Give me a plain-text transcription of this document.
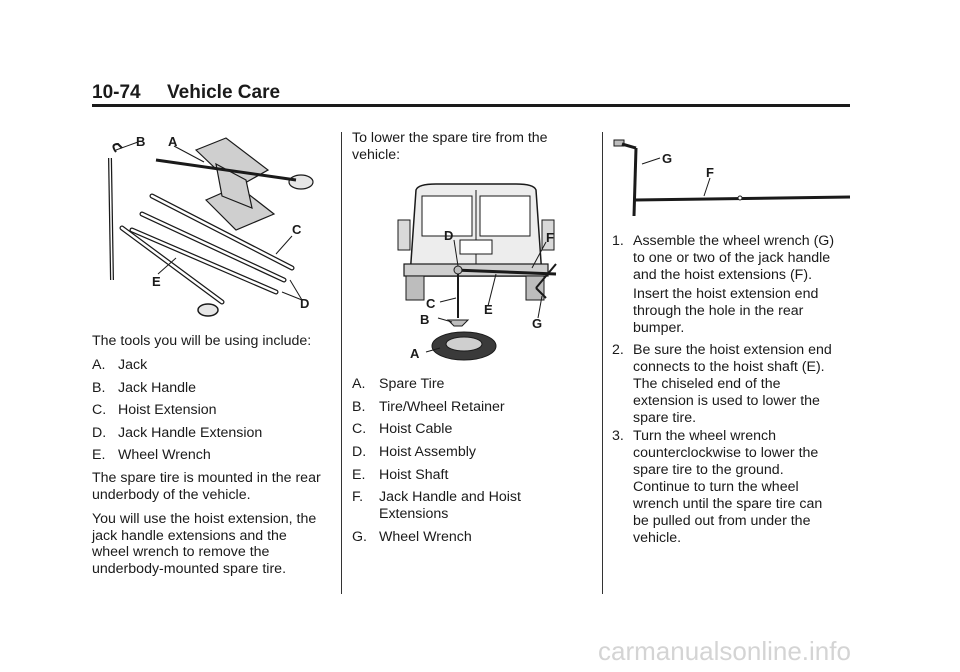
10-74 Vehicle Care
B A
C
D
E
The tools you will be using include:
A. Jack
B. Jack Handle
C. Hoist Extension
D. Jack Handle Extension
E. Wheel Wrench
The spare tire is mounted in the rear
underbody of the vehicle.
You will use the hoist extension, the
jack handle extensions and the
wheel wrench to remove the
underbody-mounted spare tire.
To lower the spare tire from the
vehicle:
D	F
C	E
B	G
A
A. Spare Tire
B. Tire/Wheel Retainer
C. Hoist Cable
D. Hoist Assembly
E. Hoist Shaft
F. Jack Handle and Hoist
Extensions
G. Wheel Wrench
G
F
1. Assemble the wheel wrench (G)
to one or two of the jack handle
and the hoist extensions (F).
Insert the hoist extension end
through the hole in the rear
bumper.
2. Be sure the hoist extension end
connects to the hoist shaft (E).
The chiseled end of the
extension is used to lower the
spare tire.
3. Turn the wheel wrench
counterclockwise to lower the
spare tire to the ground.
Continue to turn the wheel
wrench until the spare tire can
be pulled out from under the
vehicle.
carmanualsonline.info
